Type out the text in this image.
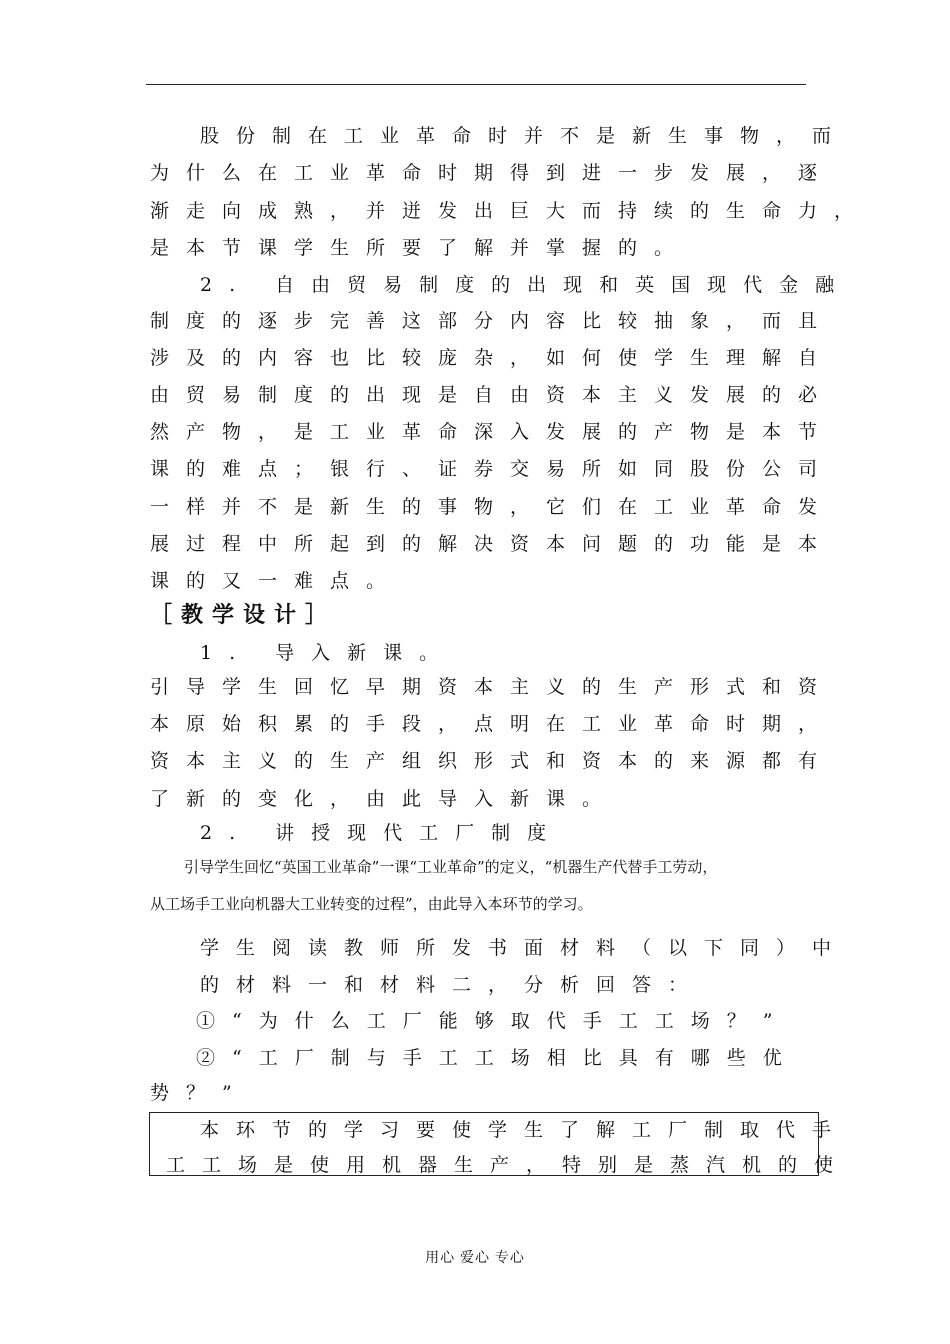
股份制在工业革命时并不是新生事物，而
为什么在工业革命时期得到进一步发展，逐
渐走向成熟，并迸发出巨大而持续的生命力，
是本节课学生所要了解并掌握的。
2. 自由贸易制度的出现和英国现代金融
制度的逐步完善这部分内容比较抽象，而且
涉及的内容也比较庞杂，如何使学生理解自
由贸易制度的出现是自由资本主义发展的必
然产物，是工业革命深入发展的产物是本节
课的难点；银行、证券交易所如同股份公司
一样并不是新生的事物，它们在工业革命发
展过程中所起到的解决资本问题的功能是本
课的又一难点。
［教学设计］
1. 导入新课。
引导学生回忆早期资本主义的生产形式和资
本原始积累的手段，点明在工业革命时期，
资本主义的生产组织形式和资本的来源都有
了新的变化，由此导入新课。
2. 讲授现代工厂制度
引导学生回忆“英国工业革命”一课“工业革命”的定义，“机器生产代替手工劳动，
从工场手工业向机器大工业转变的过程”，由此导入本环节的学习。
学生阅读教师所发书面材料（以下同）中
的材料一和材料二，分析回答：
①“为什么工厂能够取代手工工场？”
②“工厂制与手工工场相比具有哪些优
势？”
本环节的学习要使学生了解工厂制取代手
工工场是使用机器生产，特别是蒸汽机的使
用心 爱心 专心
